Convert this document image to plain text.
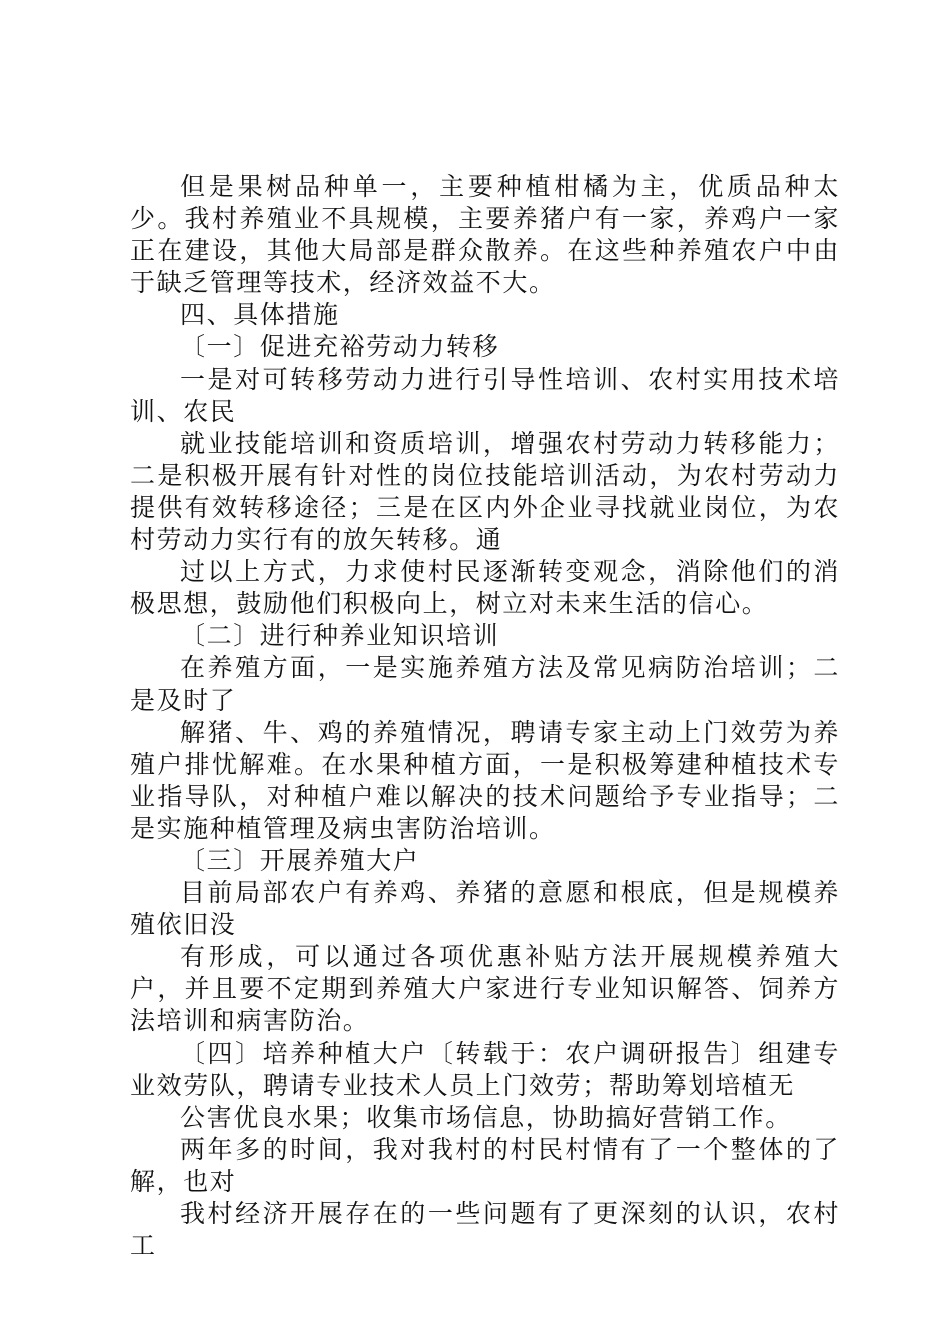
但是果树品种单一，主要种植柑橘为主，优质品种太少。我村养殖业不具规模，主要养猪户有一家，养鸡户一家正在建设，其他大局部是群众散养。在这些种养殖农户中由于缺乏管理等技术，经济效益不大。

四、具体措施

〔一〕促进充裕劳动力转移

一是对可转移劳动力进行引导性培训、农村实用技术培训、农民

就业技能培训和资质培训，增强农村劳动力转移能力；二是积极开展有针对性的岗位技能培训活动，为农村劳动力提供有效转移途径；三是在区内外企业寻找就业岗位，为农村劳动力实行有的放矢转移。通

过以上方式，力求使村民逐渐转变观念，消除他们的消极思想，鼓励他们积极向上，树立对未来生活的信心。

〔二〕进行种养业知识培训

在养殖方面，一是实施养殖方法及常见病防治培训；二是及时了

解猪、牛、鸡的养殖情况，聘请专家主动上门效劳为养殖户排忧解难。在水果种植方面，一是积极筹建种植技术专业指导队，对种植户难以解决的技术问题给予专业指导；二是实施种植管理及病虫害防治培训。

〔三〕开展养殖大户

目前局部农户有养鸡、养猪的意愿和根底，但是规模养殖依旧没

有形成，可以通过各项优惠补贴方法开展规模养殖大户，并且要不定期到养殖大户家进行专业知识解答、饲养方法培训和病害防治。

〔四〕培养种植大户〔转载于：农户调研报告〕组建专业效劳队，聘请专业技术人员上门效劳；帮助筹划培植无

公害优良水果；收集市场信息，协助搞好营销工作。

两年多的时间，我对我村的村民村情有了一个整体的了解，也对

我村经济开展存在的一些问题有了更深刻的认识，农村工
